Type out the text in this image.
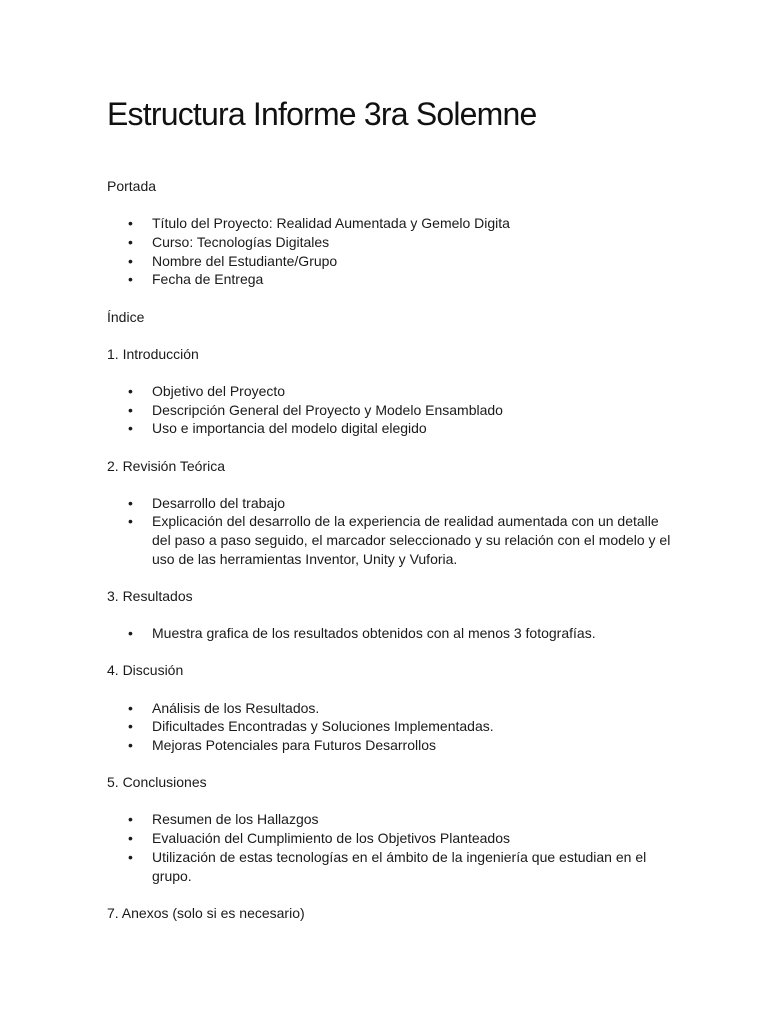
Estructura Informe 3ra Solemne

Portada

• Título del Proyecto: Realidad Aumentada y Gemelo Digita
• Curso: Tecnologías Digitales
• Nombre del Estudiante/Grupo
• Fecha de Entrega

Índice

1. Introducción

• Objetivo del Proyecto
• Descripción General del Proyecto y Modelo Ensamblado
• Uso e importancia del modelo digital elegido

2. Revisión Teórica

• Desarrollo del trabajo
• Explicación del desarrollo de la experiencia de realidad aumentada con un detalle del paso a paso seguido, el marcador seleccionado y su relación con el modelo y el uso de las herramientas Inventor, Unity y Vuforia.

3. Resultados

• Muestra grafica de los resultados obtenidos con al menos 3 fotografías.

4. Discusión

• Análisis de los Resultados.
• Dificultades Encontradas y Soluciones Implementadas.
• Mejoras Potenciales para Futuros Desarrollos

5. Conclusiones

• Resumen de los Hallazgos
• Evaluación del Cumplimiento de los Objetivos Planteados
• Utilización de estas tecnologías en el ámbito de la ingeniería que estudian en el grupo.

7. Anexos (solo si es necesario)
